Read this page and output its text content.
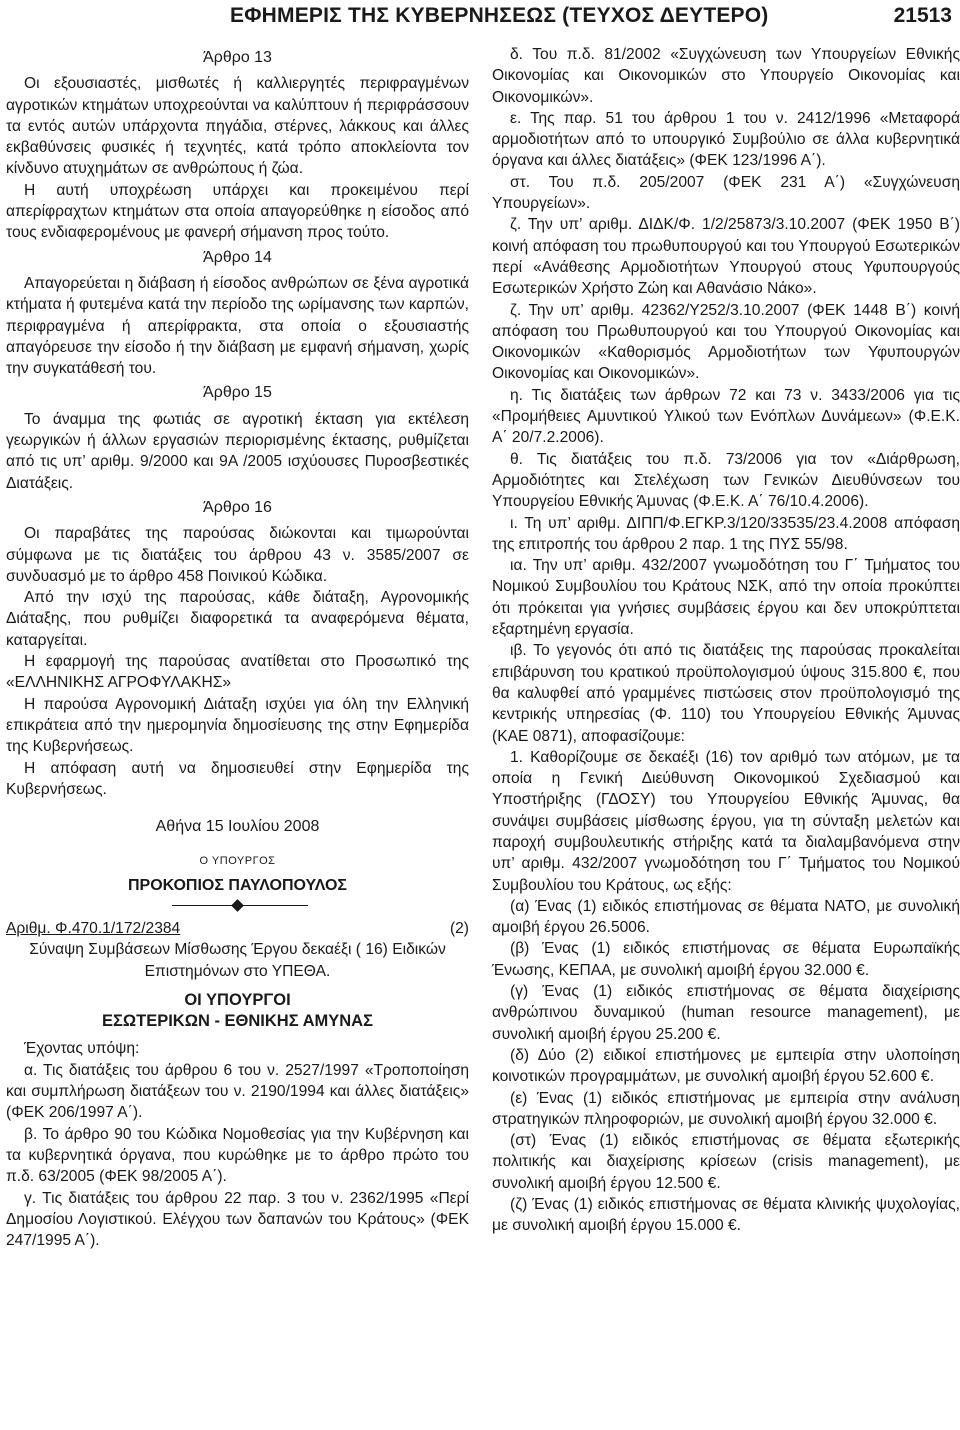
ΕΦΗΜΕΡΙΣ ΤΗΣ ΚΥΒΕΡΝΗΣΕΩΣ (ΤΕΥΧΟΣ ΔΕΥΤΕΡΟ)	21513

Άρθρο 13

Οι εξουσιαστές, μισθωτές ή καλλιεργητές περιφραγμένων αγροτικών κτημάτων υποχρεούνται να καλύπτουν ή περιφράσσουν τα εντός αυτών υπάρχοντα πηγάδια, στέρνες, λάκκους και άλλες εκβαθύνσεις φυσικές ή τεχνητές, κατά τρόπο αποκλείοντα τον κίνδυνο ατυχημάτων σε ανθρώπους ή ζώα.

Η αυτή υποχρέωση υπάρχει και προκειμένου περί απερίφραχτων κτημάτων στα οποία απαγορεύθηκε η είσοδος από τους ενδιαφερομένους με φανερή σήμανση προς τούτο.

Άρθρο 14

Απαγορεύεται η διάβαση ή είσοδος ανθρώπων σε ξένα αγροτικά κτήματα ή φυτεμένα κατά την περίοδο της ωρίμανσης των καρπών, περιφραγμένα ή απερίφρακτα, στα οποία ο εξουσιαστής απαγόρευσε την είσοδο ή την διάβαση με εμφανή σήμανση, χωρίς την συγκατάθεσή του.

Άρθρο 15

Το άναμμα της φωτιάς σε αγροτική έκταση για εκτέλεση γεωργικών ή άλλων εργασιών περιορισμένης έκτασης, ρυθμίζεται από τις υπ’ αριθμ. 9/2000 και 9Α /2005 ισχύουσες Πυροσβεστικές Διατάξεις.

Άρθρο 16

Οι παραβάτες της παρούσας διώκονται και τιμωρούνται σύμφωνα με τις διατάξεις του άρθρου 43 ν. 3585/2007 σε συνδυασμό με το άρθρο 458 Ποινικού Κώδικα.

Από την ισχύ της παρούσας, κάθε διάταξη, Αγρονομικής Διάταξης, που ρυθμίζει διαφορετικά τα αναφερόμενα θέματα, καταργείται.

Η εφαρμογή της παρούσας ανατίθεται στο Προσωπικό της «ΕΛΛΗΝΙΚΗΣ ΑΓΡΟΦΥΛΑΚΗΣ»

Η παρούσα Αγρονομική Διάταξη ισχύει για όλη την Ελληνική επικράτεια από την ημερομηνία δημοσίευσης της στην Εφημερίδα της Κυβερνήσεως.

Η απόφαση αυτή να δημοσιευθεί στην Εφημερίδα της Κυβερνήσεως.

Αθήνα 15 Ιουλίου 2008

Ο ΥΠΟΥΡΓΟΣ

ΠΡΟΚΟΠΙΟΣ ΠΑΥΛΟΠΟΥΛΟΣ

Αριθμ. Φ.470.1/172/2384	(2)

Σύναψη Συμβάσεων Μίσθωσης Έργου δεκαέξι ( 16) Ειδικών Επιστημόνων στο ΥΠΕΘΑ.

ΟΙ ΥΠΟΥΡΓΟΙ
ΕΣΩΤΕΡΙΚΩΝ - ΕΘΝΙΚΗΣ ΑΜΥΝΑΣ

Έχοντας υπόψη:

α. Τις διατάξεις του άρθρου 6 του ν. 2527/1997 «Τροποποίηση και συμπλήρωση διατάξεων του ν. 2190/1994 και άλλες διατάξεις» (ΦΕΚ 206/1997 Α΄).

β. Το άρθρο 90 του Κώδικα Νομοθεσίας για την Κυβέρνηση και τα κυβερνητικά όργανα, που κυρώθηκε με το άρθρο πρώτο του π.δ. 63/2005 (ΦΕΚ 98/2005 Α΄).

γ. Τις διατάξεις του άρθρου 22 παρ. 3 του ν. 2362/1995 «Περί Δημοσίου Λογιστικού. Ελέγχου των δαπανών του Κράτους» (ΦΕΚ 247/1995 Α΄).

δ. Του π.δ. 81/2002 «Συγχώνευση των Υπουργείων Εθνικής Οικονομίας και Οικονομικών στο Υπουργείο Οικονομίας και Οικονομικών».

ε. Της παρ. 51 του άρθρου 1 του ν. 2412/1996 «Μεταφορά αρμοδιοτήτων από το υπουργικό Συμβούλιο σε άλλα κυβερνητικά όργανα και άλλες διατάξεις» (ΦΕΚ 123/1996 Α΄).

στ. Του π.δ. 205/2007 (ΦΕΚ 231 Α΄) «Συγχώνευση Υπουργείων».

ζ. Την υπ’ αριθμ. ΔΙΔΚ/Φ. 1/2/25873/3.10.2007 (ΦΕΚ 1950 Β΄) κοινή απόφαση του πρωθυπουργού και του Υπουργού Εσωτερικών περί «Ανάθεσης Αρμοδιοτήτων Υπουργού στους Υφυπουργούς Εσωτερικών Χρήστο Ζώη και Αθανάσιο Νάκο».

ζ. Την υπ’ αριθμ. 42362/Υ252/3.10.2007 (ΦΕΚ 1448 Β΄) κοινή απόφαση του Πρωθυπουργού και του Υπουργού Οικονομίας και Οικονομικών «Καθορισμός Αρμοδιοτήτων των Υφυπουργών Οικονομίας και Οικονομικών».

η. Τις διατάξεις των άρθρων 72 και 73 ν. 3433/2006 για τις «Προμήθειες Αμυντικού Υλικού των Ενόπλων Δυνάμεων» (Φ.Ε.Κ. Α΄ 20/7.2.2006).

θ. Τις διατάξεις του π.δ. 73/2006 για τον «Διάρθρωση, Αρμοδιότητες και Στελέχωση των Γενικών Διευθύνσεων του Υπουργείου Εθνικής Άμυνας (Φ.Ε.Κ. Α΄ 76/10.4.2006).

ι. Τη υπ’ αριθμ. ΔΙΠΠ/Φ.ΕΓΚΡ.3/120/33535/23.4.2008 απόφαση της επιτροπής του άρθρου 2 παρ. 1 της ΠΥΣ 55/98.

ια. Την υπ’ αριθμ. 432/2007 γνωμοδότηση του Γ΄ Τμήματος του Νομικού Συμβουλίου του Κράτους ΝΣΚ, από την οποία προκύπτει ότι πρόκειται για γνήσιες συμβάσεις έργου και δεν υποκρύπτεται εξαρτημένη εργασία.

ιβ. Το γεγονός ότι από τις διατάξεις της παρούσας προκαλείται επιβάρυνση του κρατικού προϋπολογισμού ύψους 315.800 €, που θα καλυφθεί από γραμμένες πιστώσεις στον προϋπολογισμό της κεντρικής υπηρεσίας (Φ. 110) του Υπουργείου Εθνικής Άμυνας (ΚΑΕ 0871), αποφασίζουμε:

1. Καθορίζουμε σε δεκαέξι (16) τον αριθμό των ατόμων, με τα οποία η Γενική Διεύθυνση Οικονομικού Σχεδιασμού και Υποστήριξης (ΓΔΟΣΥ) του Υπουργείου Εθνικής Άμυνας, θα συνάψει συμβάσεις μίσθωσης έργου, για τη σύνταξη μελετών και παροχή συμβουλευτικής στήριξης κατά τα διαλαμβανόμενα στην υπ’ αριθμ. 432/2007 γνωμοδότηση του Γ΄ Τμήματος του Νομικού Συμβουλίου του Κράτους, ως εξής:

(α) Ένας (1) ειδικός επιστήμονας σε θέματα ΝΑΤΟ, με συνολική αμοιβή έργου 26.5006.

(β) Ένας (1) ειδικός επιστήμονας σε θέματα Ευρωπαϊκής Ένωσης, ΚΕΠΑΑ, με συνολική αμοιβή έργου 32.000 €.

(γ) Ένας (1) ειδικός επιστήμονας σε θέματα διαχείρισης ανθρώπινου δυναμικού (human resource management), με συνολική αμοιβή έργου 25.200 €.

(δ) Δύο (2) ειδικοί επιστήμονες με εμπειρία στην υλοποίηση κοινοτικών προγραμμάτων, με συνολική αμοιβή έργου 52.600 €.

(ε) Ένας (1) ειδικός επιστήμονας με εμπειρία στην ανάλυση στρατηγικών πληροφοριών, με συνολική αμοιβή έργου 32.000 €.

(στ) Ένας (1) ειδικός επιστήμονας σε θέματα εξωτερικής πολιτικής και διαχείρισης κρίσεων (crisis management), με συνολική αμοιβή έργου 12.500 €.

(ζ) Ένας (1) ειδικός επιστήμονας σε θέματα κλινικής ψυχολογίας, με συνολική αμοιβή έργου 15.000 €.
